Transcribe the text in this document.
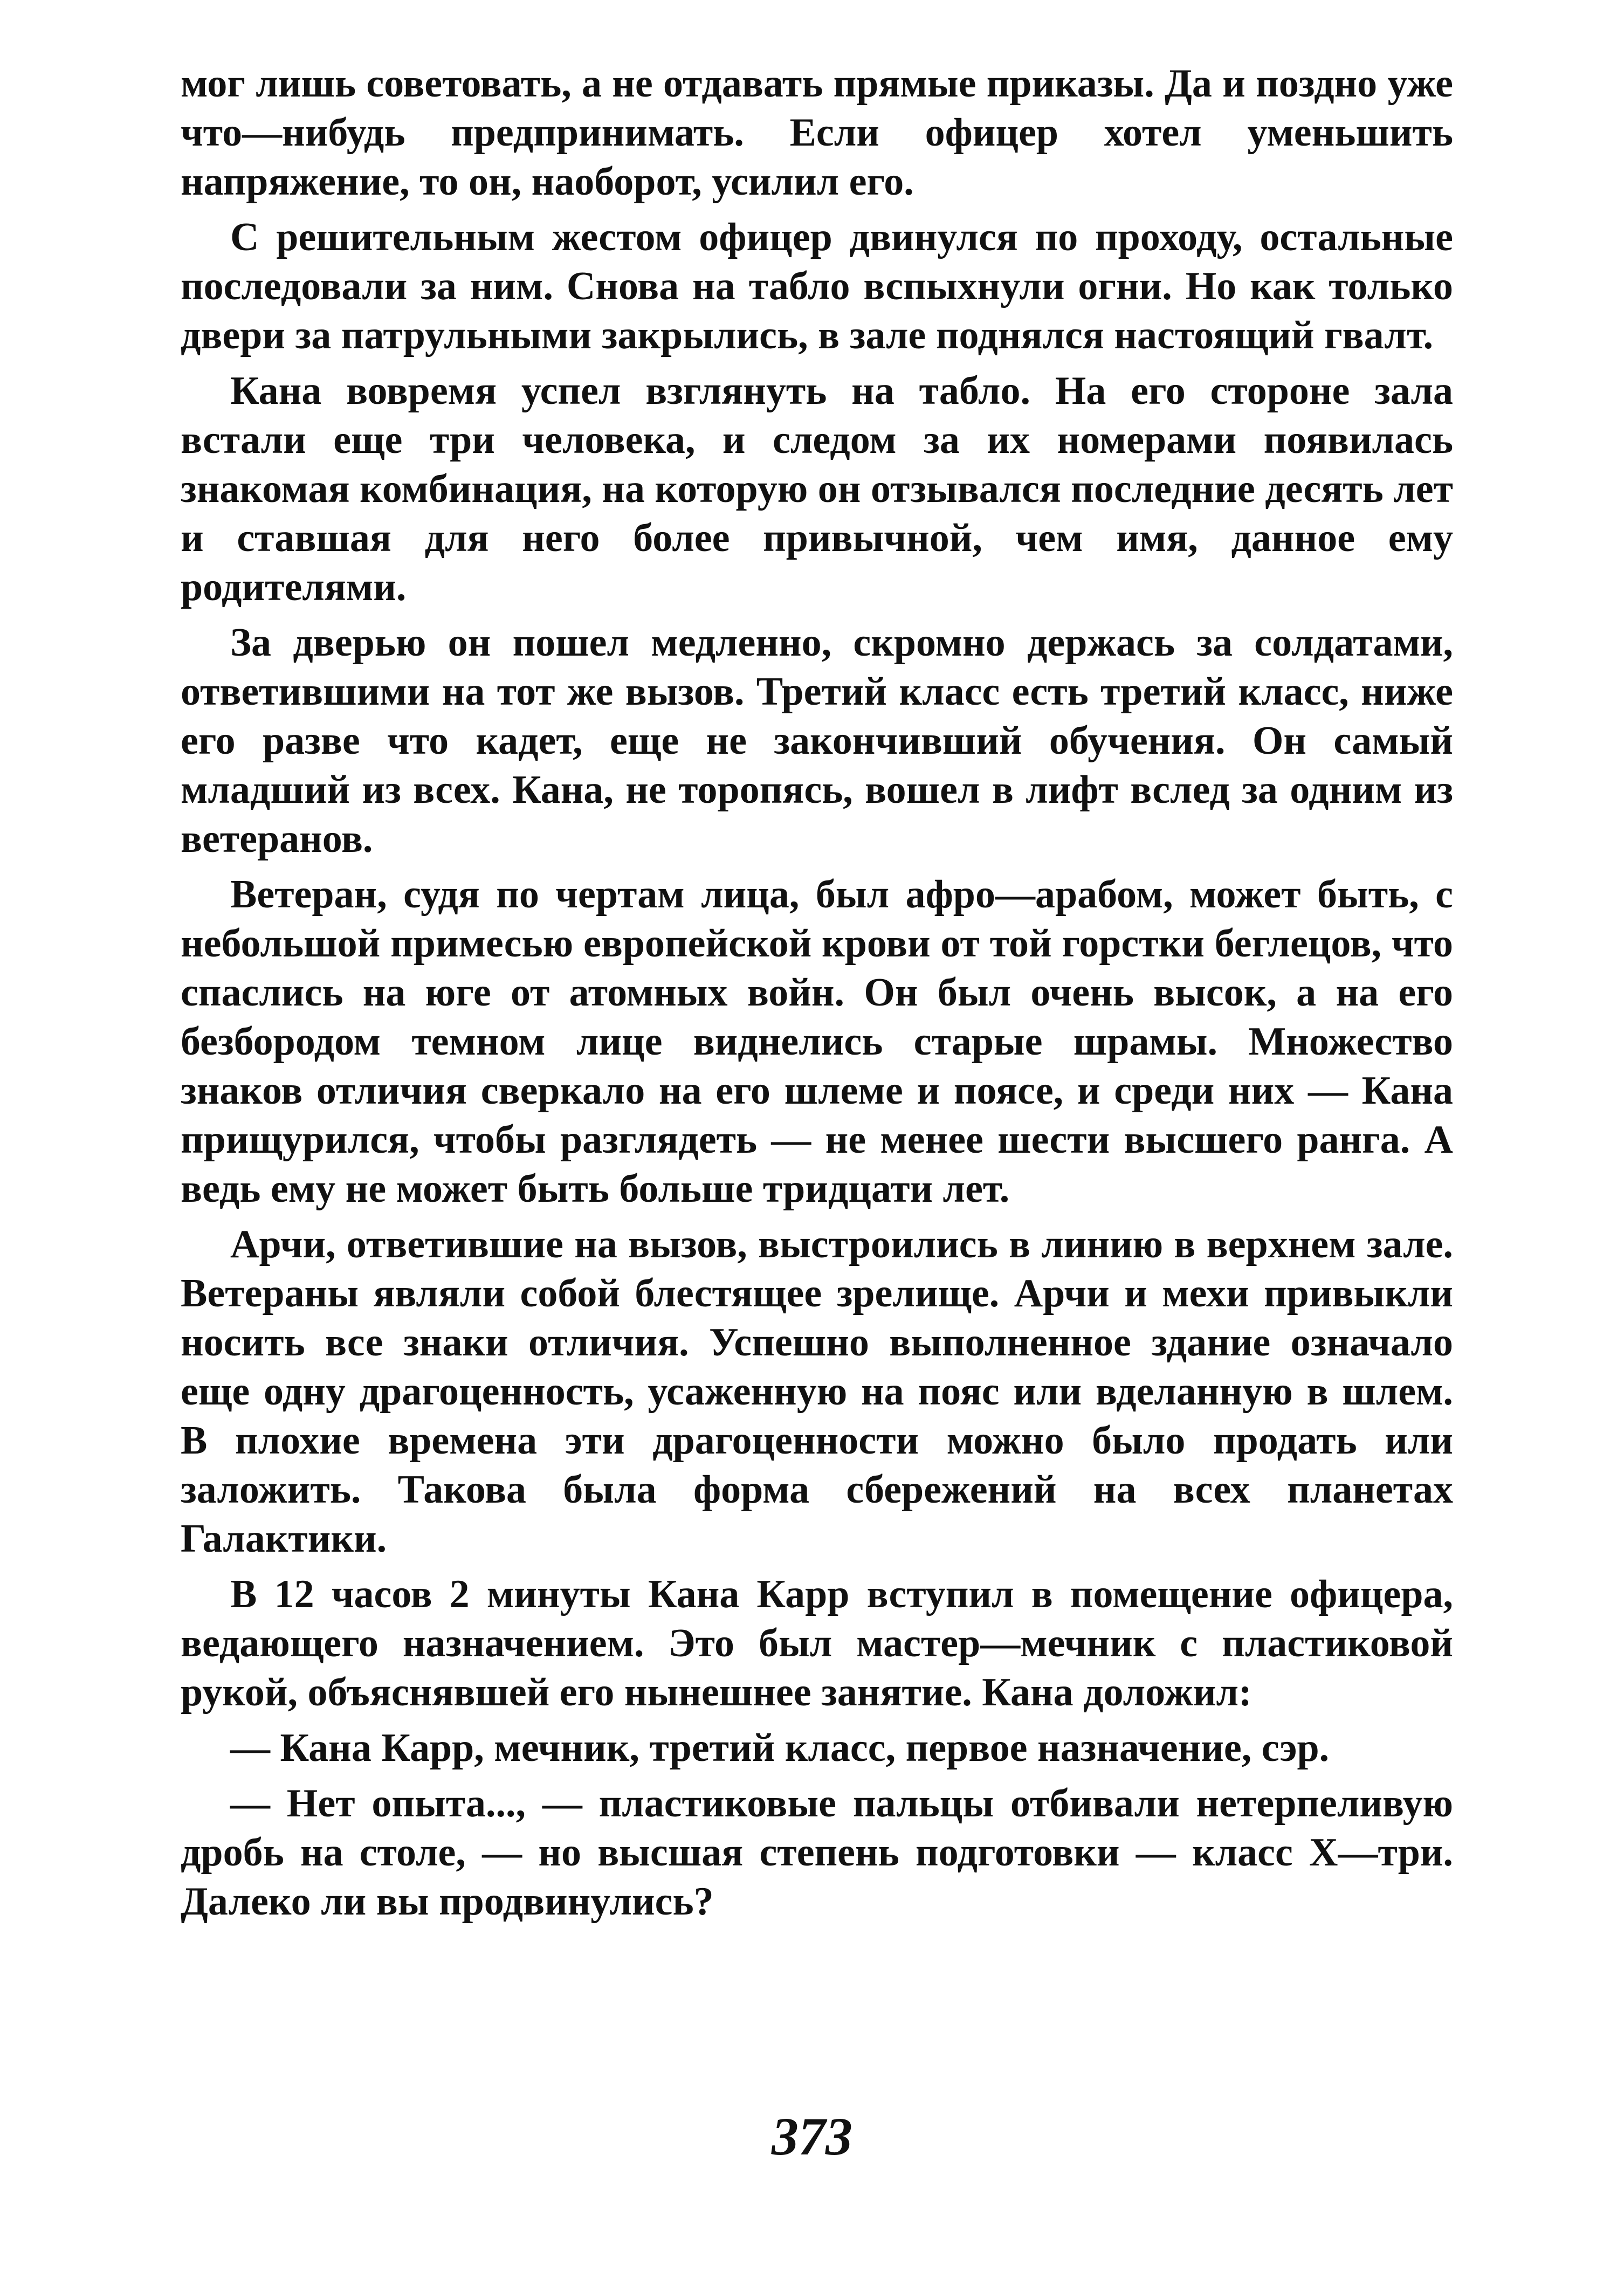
мог лишь советовать, а не отдавать прямые приказы. Да и поздно уже что—нибудь предпринимать. Если офицер хотел уменьшить напряжение, то он, наоборот, усилил его.

С решительным жестом офицер двинулся по проходу, остальные последовали за ним. Снова на табло вспыхнули огни. Но как только двери за патрульными закрылись, в зале поднялся настоящий гвалт.

Кана вовремя успел взглянуть на табло. На его стороне зала встали еще три человека, и следом за их номерами появилась знакомая комбинация, на которую он отзывался последние десять лет и ставшая для него более привычной, чем имя, данное ему родителями.

За дверью он пошел медленно, скромно держась за солдатами, ответившими на тот же вызов. Третий класс есть третий класс, ниже его разве что кадет, еще не закончивший обучения. Он самый младший из всех. Кана, не торопясь, вошел в лифт вслед за одним из ветеранов.

Ветеран, судя по чертам лица, был афро—арабом, может быть, с небольшой примесью европейской крови от той горстки беглецов, что спаслись на юге от атомных войн. Он был очень высок, а на его безбородом темном лице виднелись старые шрамы. Множество знаков отличия сверкало на его шлеме и поясе, и среди них — Кана прищурился, чтобы разглядеть — не менее шести высшего ранга. А ведь ему не может быть больше тридцати лет.

Арчи, ответившие на вызов, выстроились в линию в верхнем зале. Ветераны являли собой блестящее зрелище. Арчи и мехи привыкли носить все знаки отличия. Успешно выполненное здание означало еще одну драгоценность, усаженную на пояс или вделанную в шлем. В плохие времена эти драгоценности можно было продать или заложить. Такова была форма сбережений на всех планетах Галактики.

В 12 часов 2 минуты Кана Карр вступил в помещение офицера, ведающего назначением. Это был мастер—мечник с пластиковой рукой, объяснявшей его нынешнее занятие. Кана доложил:

— Кана Карр, мечник, третий класс, первое назначение, сэр.

— Нет опыта..., — пластиковые пальцы отбивали нетерпеливую дробь на столе, — но высшая степень подготовки — класс Х—три. Далеко ли вы продвинулись?

373
